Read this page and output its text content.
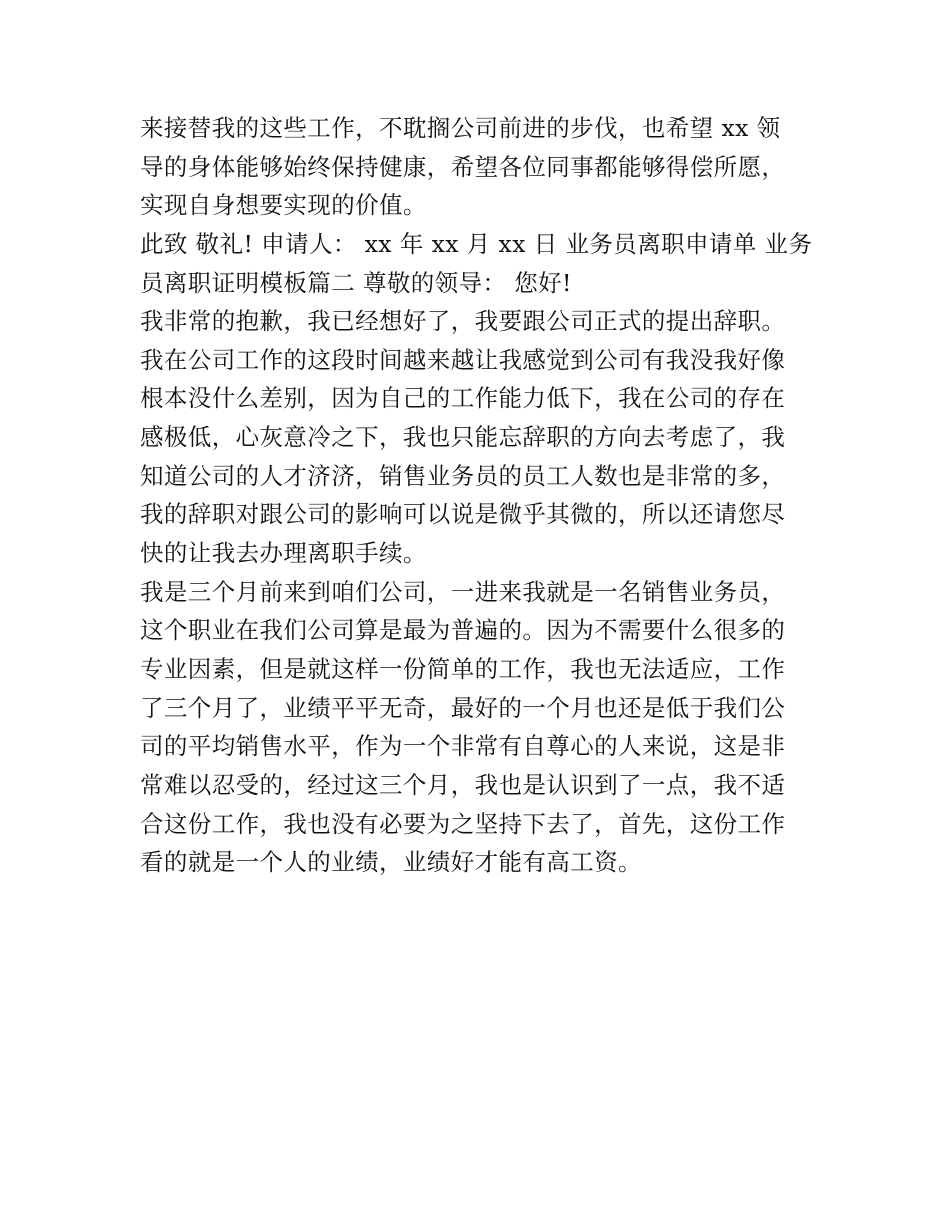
来接替我的这些工作，不耽搁公司前进的步伐，也希望 xx 领
导的身体能够始终保持健康，希望各位同事都能够得偿所愿，
实现自身想要实现的价值。
此致 敬礼! 申请人： xx 年 xx 月 xx 日 业务员离职申请单 业务
员离职证明模板篇二 尊敬的领导： 您好!
我非常的抱歉，我已经想好了，我要跟公司正式的提出辞职。
我在公司工作的这段时间越来越让我感觉到公司有我没我好像
根本没什么差别，因为自己的工作能力低下，我在公司的存在
感极低，心灰意冷之下，我也只能忘辞职的方向去考虑了，我
知道公司的人才济济，销售业务员的员工人数也是非常的多，
我的辞职对跟公司的影响可以说是微乎其微的，所以还请您尽
快的让我去办理离职手续。
我是三个月前来到咱们公司，一进来我就是一名销售业务员，
这个职业在我们公司算是最为普遍的。因为不需要什么很多的
专业因素，但是就这样一份简单的工作，我也无法适应，工作
了三个月了，业绩平平无奇，最好的一个月也还是低于我们公
司的平均销售水平，作为一个非常有自尊心的人来说，这是非
常难以忍受的，经过这三个月，我也是认识到了一点，我不适
合这份工作，我也没有必要为之坚持下去了，首先，这份工作
看的就是一个人的业绩，业绩好才能有高工资。
